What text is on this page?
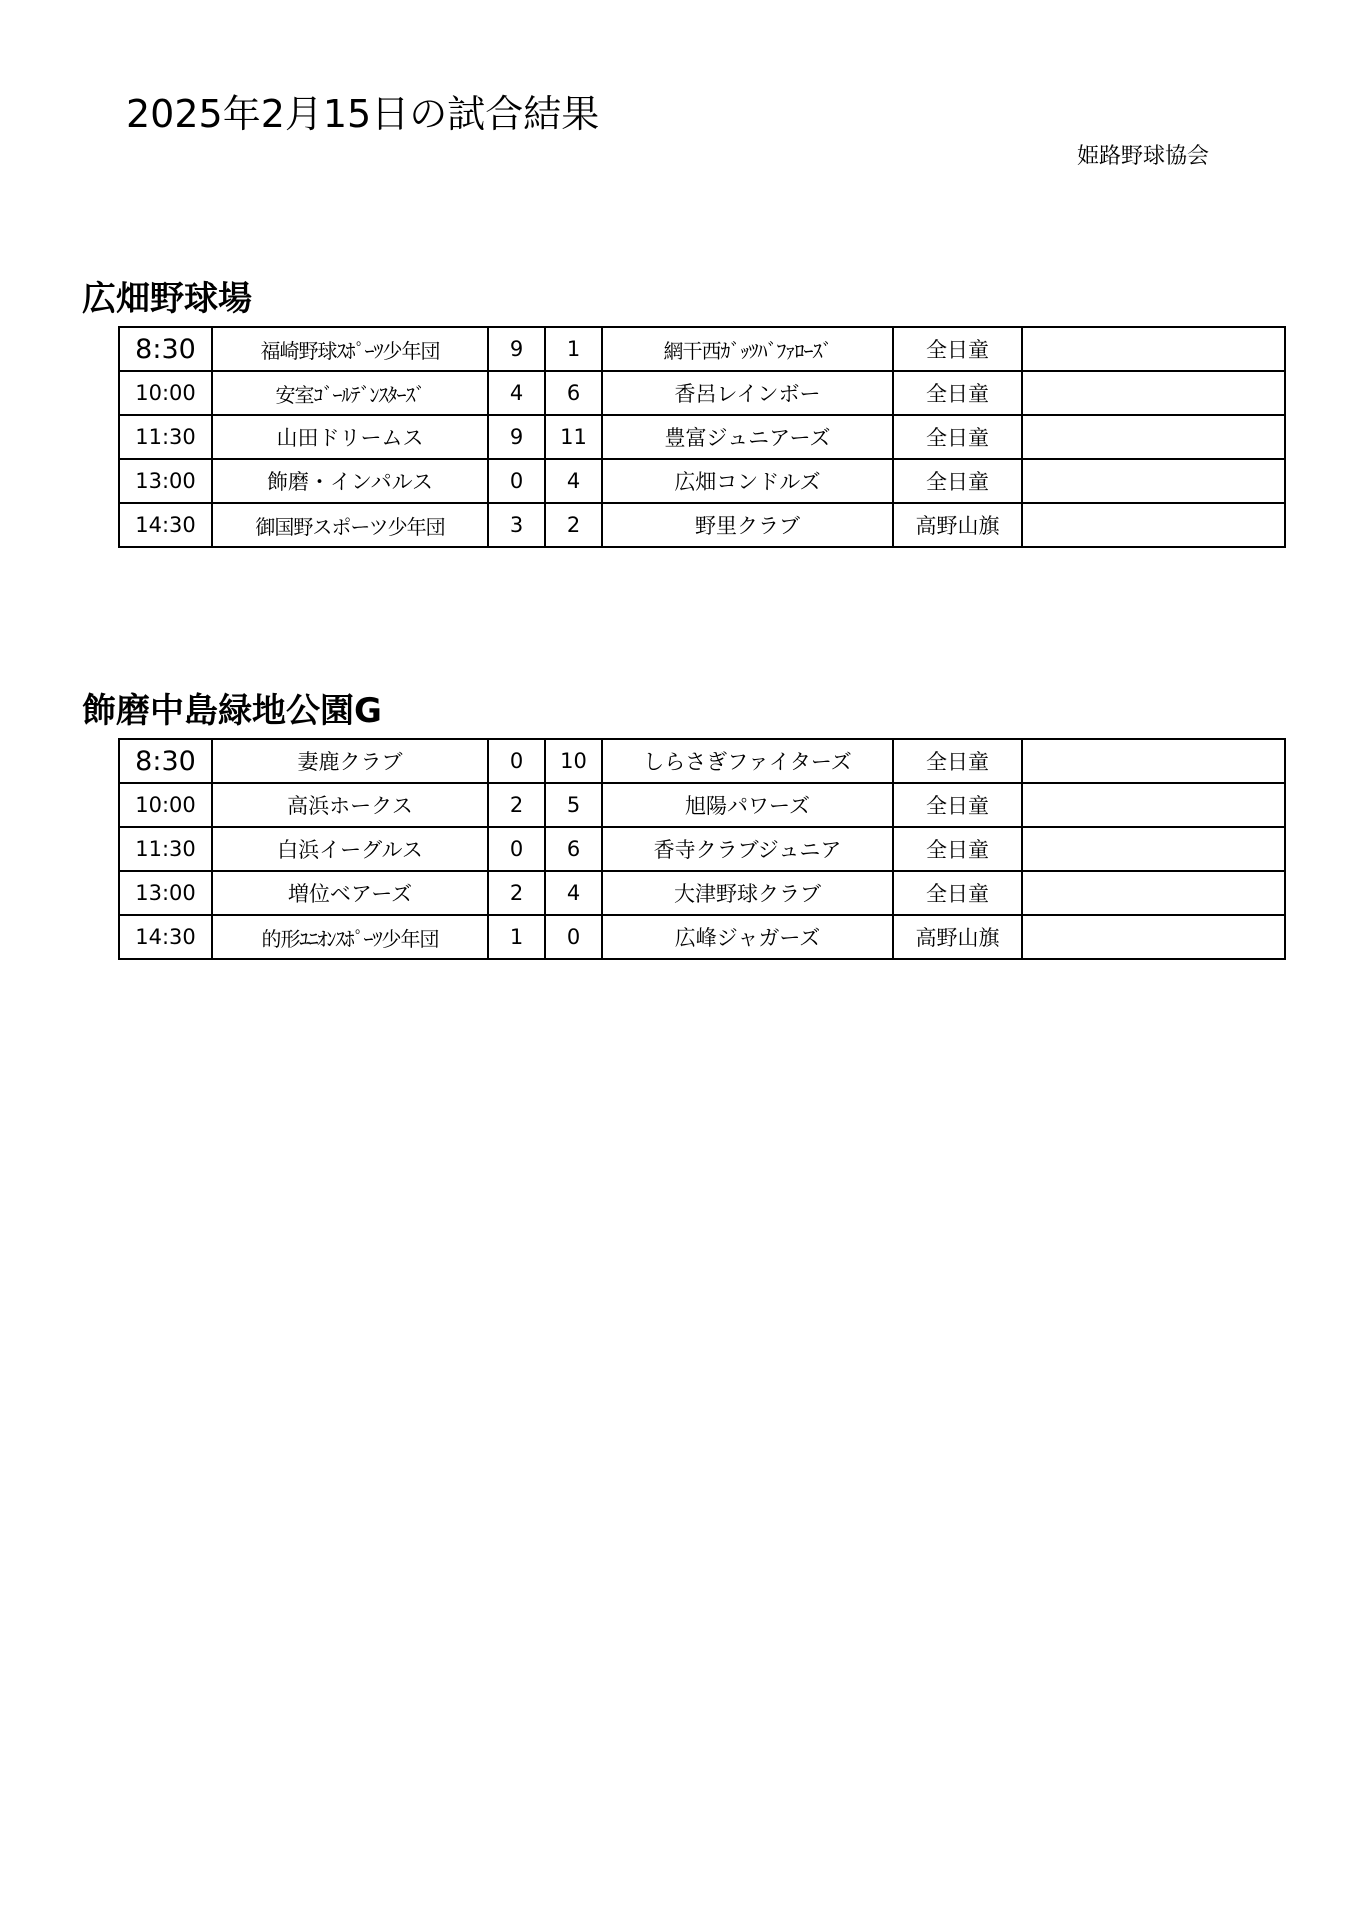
2025年2月15日の試合結果
姫路野球協会
広畑野球場
8:30	福崎野球ｽﾎﾟｰﾂ少年団	9	1	網干西ｶﾞｯﾂﾊﾞﾌｧﾛｰｽﾞ	全日童	
10:00	安室ｺﾞｰﾙﾃﾞﾝｽﾀｰｽﾞ	4	6	香呂レインボー	全日童	
11:30	山田ドリームス	9	11	豊富ジュニアーズ	全日童	
13:00	飾磨・インパルス	0	4	広畑コンドルズ	全日童	
14:30	御国野スポーツ少年団	3	2	野里クラブ	高野山旗	
飾磨中島緑地公園G
8:30	妻鹿クラブ	0	10	しらさぎファイターズ	全日童	
10:00	高浜ホークス	2	5	旭陽パワーズ	全日童	
11:30	白浜イーグルス	0	6	香寺クラブジュニア	全日童	
13:00	増位ベアーズ	2	4	大津野球クラブ	全日童	
14:30	的形ﾕﾆｵﾝｽﾎﾟｰﾂ少年団	1	0	広峰ジャガーズ	高野山旗	
